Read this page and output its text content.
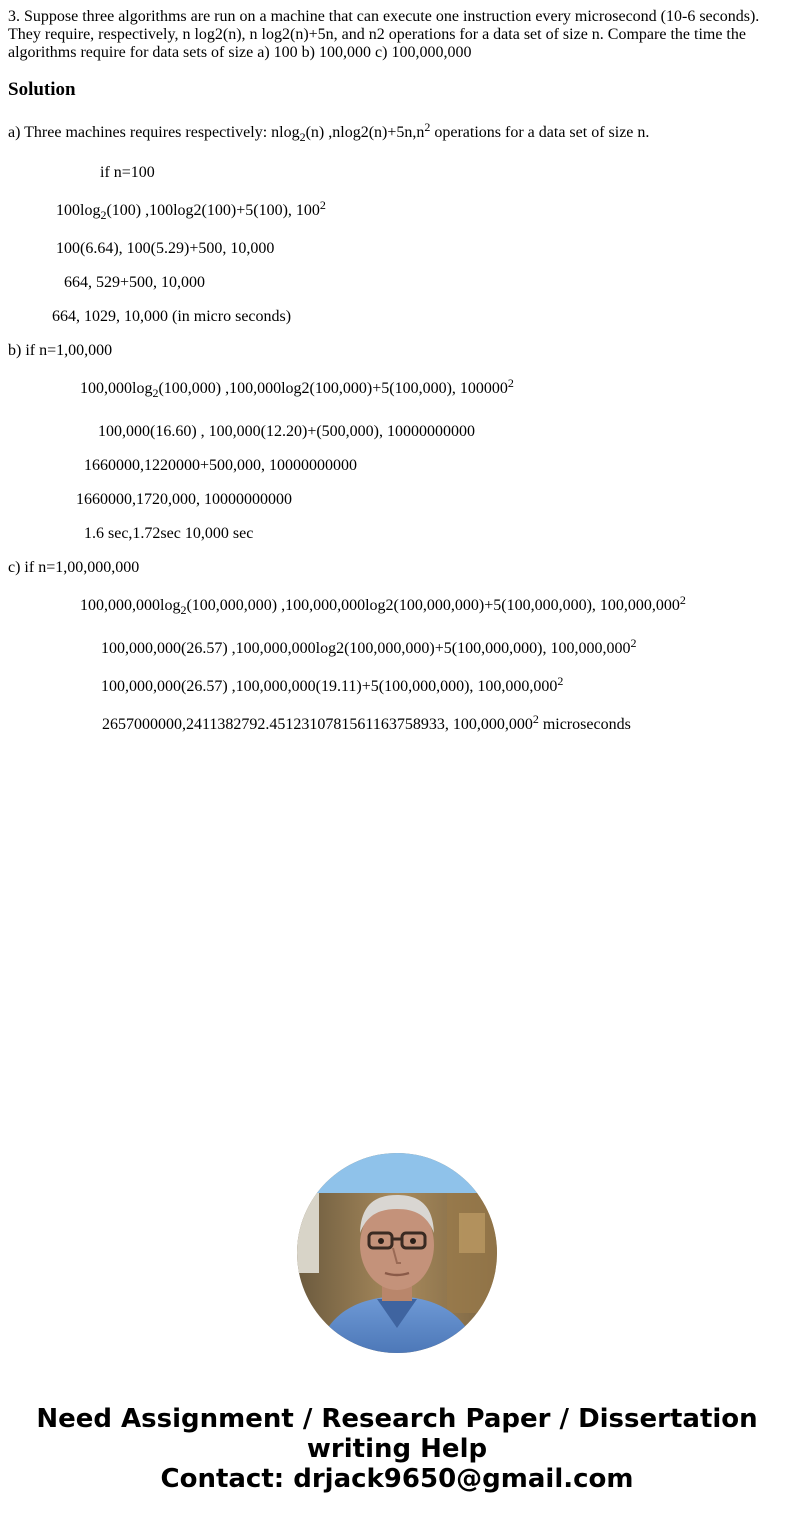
3. Suppose three algorithms are run on a machine that can execute one instruction every microsecond (10-6 seconds). They require, respectively, n log2(n), n log2(n)+5n, and n2 operations for a data set of size n. Compare the time the algorithms require for data sets of size a) 100 b) 100,000 c) 100,000,000
Solution
a) Three machines requires respectively: nlog$_2$(n) $,nlog2(n)+5n,n^2$ operations for a data set of size n.
if n=100
$100\log_2(100)$ ,100log2(100)+5(100), $100^2$
100(6.64), 100(5.29)+500, 10,000
664, 529+500, 10,000
664, 1029, 10,000 (in micro seconds)
b) if n=1,00,000
$100,000\log_2(100,000)$ ,100,000log2(100,000)+5(100,000), 100000$^2$
100,000(16.60) , 100,000(12.20)+(500,000), 10000000000
1660000,1220000+500,000, 10000000000
1660000,1720,000, 10000000000
1.6 sec,1.72sec 10,000 sec
c) if n=1,00,000,000
$100,000,000\log_2(100,000,000)$ ,100,000,000log2(100,000,000)+5(100,000,000), 100,000,000$^2$
100,000,000(26.57) ,100,000,000log2(100,000,000)+5(100,000,000), 100,000,000$^2$
100,000,000(26.57) ,100,000,000(19.11)+5(100,000,000), 100,000,000$^2$
2657000000,2411382792.451231078156116375893​3, 100,000,000$^2$ microseconds
Need Assignment / Research Paper / Dissertation
writing Help
Contact: drjack9650@gmail.com
